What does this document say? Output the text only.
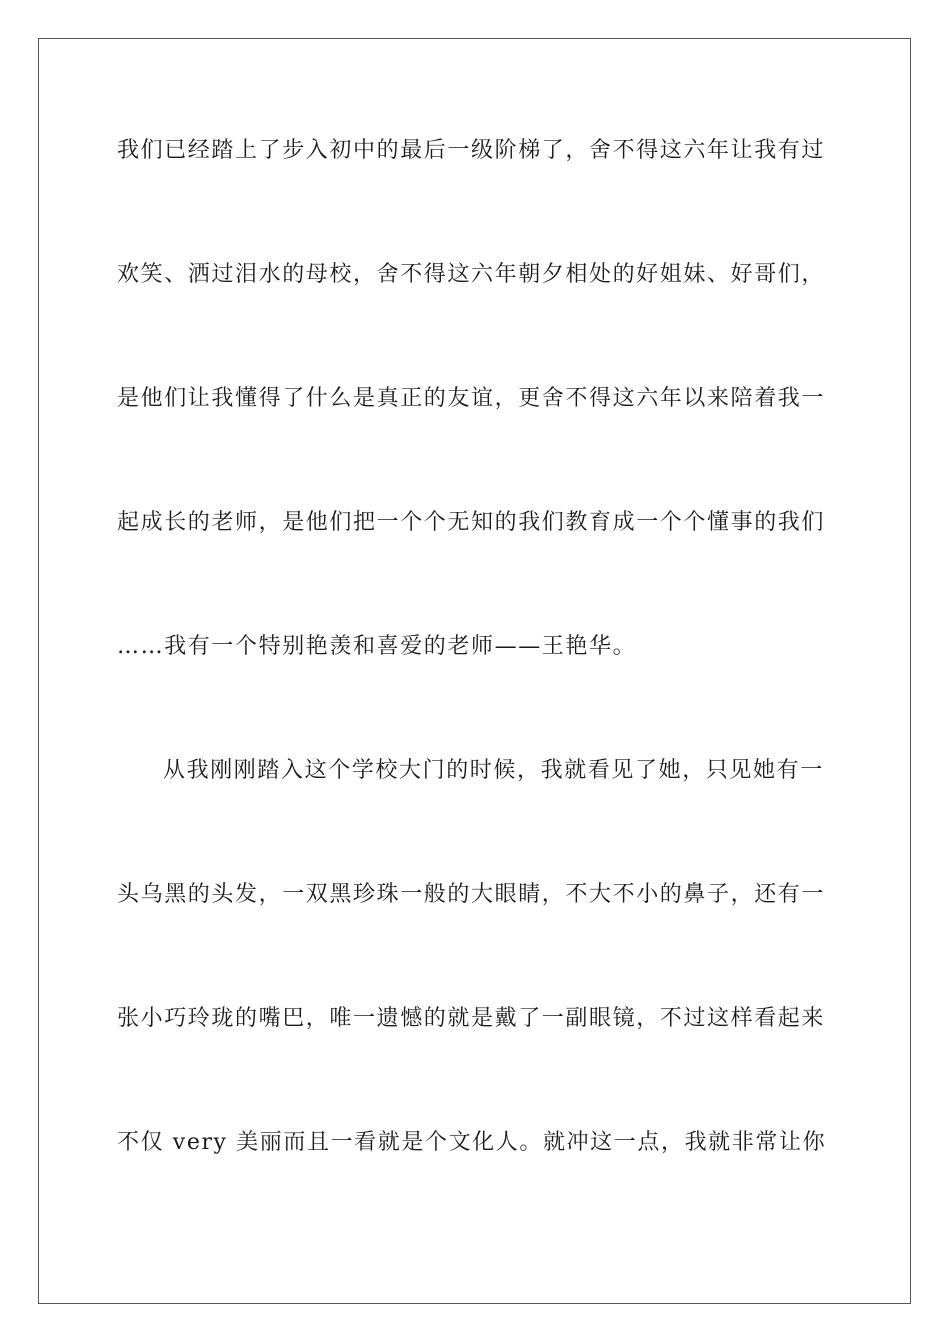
我们已经踏上了步入初中的最后一级阶梯了，舍不得这六年让我有过
欢笑、洒过泪水的母校，舍不得这六年朝夕相处的好姐妹、好哥们，
是他们让我懂得了什么是真正的友谊，更舍不得这六年以来陪着我一
起成长的老师，是他们把一个个无知的我们教育成一个个懂事的我们
……我有一个特别艳羡和喜爱的老师——王艳华。
从我刚刚踏入这个学校大门的时候，我就看见了她，只见她有一
头乌黑的头发，一双黑珍珠一般的大眼睛，不大不小的鼻子，还有一
张小巧玲珑的嘴巴，唯一遗憾的就是戴了一副眼镜，不过这样看起来
不仅 very 美丽而且一看就是个文化人。就冲这一点，我就非常让你
